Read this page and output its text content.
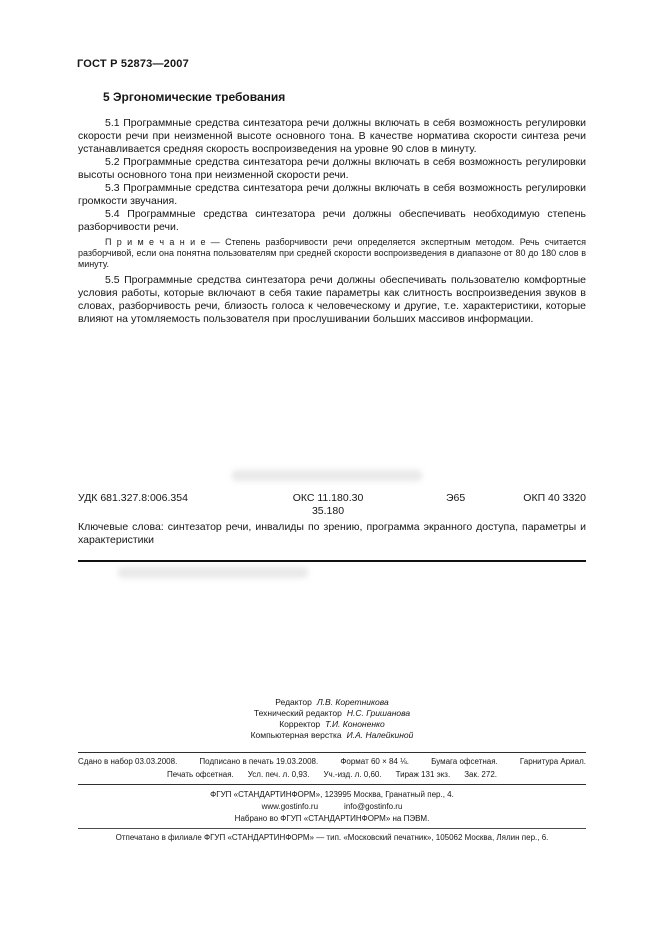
ГОСТ Р 52873—2007
5 Эргономические требования

5.1 Программные средства синтезатора речи должны включать в себя возможность регулировки скорости речи при неизменной высоте основного тона. В качестве норматива скорости синтеза речи устанавливается средняя скорость воспроизведения на уровне 90 слов в минуту.

5.2 Программные средства синтезатора речи должны включать в себя возможность регулировки высоты основного тона при неизменной скорости речи.

5.3 Программные средства синтезатора речи должны включать в себя возможность регулировки громкости звучания.

5.4 Программные средства синтезатора речи должны обеспечивать необходимую степень разборчивости речи.

П р и м е ч а н и е — Степень разборчивости речи определяется экспертным методом. Речь считается разборчивой, если она понятна пользователям при средней скорости воспроизведения в диапазоне от 80 до 180 слов в минуту.

5.5 Программные средства синтезатора речи должны обеспечивать пользователю комфортные условия работы, которые включают в себя такие параметры как слитность воспроизведения звуков в словах, разборчивость речи, близость голоса к человеческому и другие, т.е. характеристики, которые влияют на утомляемость пользователя при прослушивании больших массивов информации.

УДК 681.327.8:006.354	ОКС 11.180.30
35.180
Э65	ОКП 40 3320
Ключевые слова: синтезатор речи, инвалиды по зрению, программа экранного доступа, параметры и характеристики
Редактор Л.В. Коретникова
Технический редактор Н.С. Гришанова
Корректор Т.И. Кононенко
Компьютерная верстка И.А. Налейкиной
Сдано в набор 03.03.2008.	Подписано в печать 19.03.2008.	Формат 60 × 84 ⅛.	Бумага офсетная.	Гарнитура Ариал.
Печать офсетная. Усл. печ. л. 0,93. Уч.-изд. л. 0,60. Тираж 131 экз. Зак. 272.
ФГУП «СТАНДАРТИНФОРМ», 123995 Москва, Гранатный пер., 4.
www.gostinfo.ru	info@gostinfo.ru
Набрано во ФГУП «СТАНДАРТИНФОРМ» на ПЭВМ.
Отпечатано в филиале ФГУП «СТАНДАРТИНФОРМ» — тип. «Московский печатник», 105062 Москва, Лялин пер., 6.
